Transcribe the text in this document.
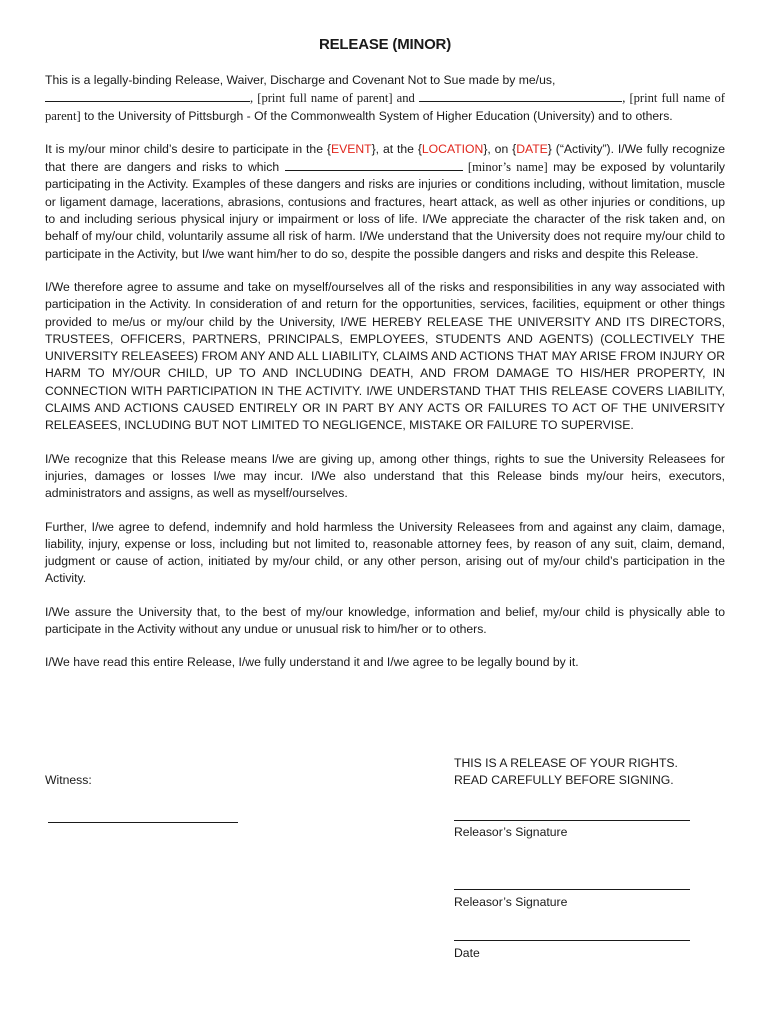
RELEASE (MINOR)

This is a legally-binding Release, Waiver, Discharge and Covenant Not to Sue made by me/us,
, [print full name of parent] and	, [print full name of parent] to the University of Pittsburgh - Of the Commonwealth System of Higher Education (University) and to others.

It is my/our minor child’s desire to participate in the {EVENT}, at the {LOCATION}, on {DATE} (“Activity”). I/We fully recognize that there are dangers and risks to which	[minor’s name] may be exposed by voluntarily participating in the Activity. Examples of these dangers and risks are injuries or conditions including, without limitation, muscle or ligament damage, lacerations, abrasions, contusions and fractures, heart attack, as well as other injuries or conditions, up to and including serious physical injury or impairment or loss of life. I/We appreciate the character of the risk taken and, on behalf of my/our child, voluntarily assume all risk of harm. I/We understand that the University does not require my/our child to participate in the Activity, but I/we want him/her to do so, despite the possible dangers and risks and despite this Release.

I/We therefore agree to assume and take on myself/ourselves all of the risks and responsibilities in any way associated with participation in the Activity. In consideration of and return for the opportunities, services, facilities, equipment or other things provided to me/us or my/our child by the University, I/WE HEREBY RELEASE THE UNIVERSITY AND ITS DIRECTORS, TRUSTEES, OFFICERS, PARTNERS, PRINCIPALS, EMPLOYEES, STUDENTS AND AGENTS) (COLLECTIVELY THE UNIVERSITY RELEASEES) FROM ANY AND ALL LIABILITY, CLAIMS AND ACTIONS THAT MAY ARISE FROM INJURY OR HARM TO MY/OUR CHILD, UP TO AND INCLUDING DEATH, AND FROM DAMAGE TO HIS/HER PROPERTY, IN CONNECTION WITH PARTICIPATION IN THE ACTIVITY. I/WE UNDERSTAND THAT THIS RELEASE COVERS LIABILITY, CLAIMS AND ACTIONS CAUSED ENTIRELY OR IN PART BY ANY ACTS OR FAILURES TO ACT OF THE UNIVERSITY RELEASEES, INCLUDING BUT NOT LIMITED TO NEGLIGENCE, MISTAKE OR FAILURE TO SUPERVISE.

I/We recognize that this Release means I/we are giving up, among other things, rights to sue the University Releasees for injuries, damages or losses I/we may incur. I/We also understand that this Release binds my/our heirs, executors, administrators and assigns, as well as myself/ourselves.

Further, I/we agree to defend, indemnify and hold harmless the University Releasees from and against any claim, damage, liability, injury, expense or loss, including but not limited to, reasonable attorney fees, by reason of any suit, claim, demand, judgment or cause of action, initiated by my/our child, or any other person, arising out of my/our child’s participation in the Activity.

I/We assure the University that, to the best of my/our knowledge, information and belief, my/our child is physically able to participate in the Activity without any undue or unusual risk to him/her or to others.

I/We have read this entire Release, I/we fully understand it and I/we agree to be legally bound by it.

THIS IS A RELEASE OF YOUR RIGHTS.
READ CAREFULLY BEFORE SIGNING.
Witness:
Releasor’s Signature
Releasor’s Signature
Date
